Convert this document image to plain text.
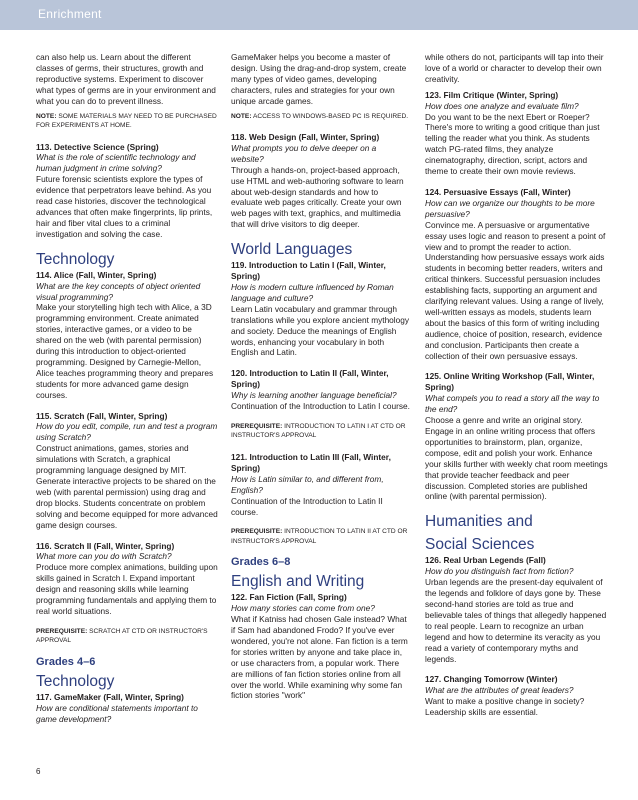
Enrichment

can also help us. Learn about the different classes of germs, their structures, growth and reproductive systems. Experiment to discover what types of germs are in your environment and what you can do to prevent illness.

NOTE: SOME MATERIALS MAY NEED TO BE PURCHASED FOR EXPERIMENTS AT HOME.

113. Detective Science (Spring)
What is the role of scientific technology and human judgment in crime solving?
Future forensic scientists explore the types of evidence that perpetrators leave behind. As you read case histories, discover the technological advances that often make fingerprints, lip prints, hair and fiber vital clues to a criminal investigation and solving the case.
Technology
114. Alice (Fall, Winter, Spring)
What are the key concepts of object oriented visual programming?
Make your storytelling high tech with Alice, a 3D programming environment. Create animated stories, interactive games, or a video to be shared on the web (with parental permission) during this introduction to object-oriented programming. Designed by Carnegie-Mellon, Alice teaches programming theory and prepares students for more advanced game design courses.
115. Scratch (Fall, Winter, Spring)
How do you edit, compile, run and test a program using Scratch?
Construct animations, games, stories and simulations with Scratch, a graphical programming language designed by MIT. Generate interactive projects to be shared on the web (with parental permission) using drag and drop blocks. Students concentrate on problem solving and become equipped for more advanced game design courses.
116. Scratch II (Fall, Winter, Spring)
What more can you do with Scratch?
Produce more complex animations, building upon skills gained in Scratch I. Expand important design and reasoning skills while learning programming fundamentals and applying them to real world situations.

PREREQUISITE: SCRATCH AT CTD OR INSTRUCTOR'S APPROVAL

Grades 4–6
Technology
117. GameMaker (Fall, Winter, Spring)
How are conditional statements important to game development?

GameMaker helps you become a master of design. Using the drag-and-drop system, create many types of video games, developing characters, rules and strategies for your own unique arcade games.

NOTE: ACCESS TO WINDOWS-BASED PC IS REQUIRED.

118. Web Design (Fall, Winter, Spring)
What prompts you to delve deeper on a website?
Through a hands-on, project-based approach, use HTML and web-authoring software to learn about web-design standards and how to evaluate web pages critically. Create your own web pages with text, graphics, and multimedia that will drive visitors to dig deeper.
World Languages
119. Introduction to Latin I (Fall, Winter, Spring)
How is modern culture influenced by Roman language and culture?
Learn Latin vocabulary and grammar through translations while you explore ancient mythology and society. Deduce the meanings of English words, enhancing your vocabulary in both English and Latin.
120. Introduction to Latin II (Fall, Winter, Spring)
Why is learning another language beneficial?
Continuation of the Introduction to Latin I course.

PREREQUISITE: INTRODUCTION TO LATIN I AT CTD OR INSTRUCTOR'S APPROVAL

121. Introduction to Latin III (Fall, Winter, Spring)
How is Latin similar to, and different from, English?
Continuation of the Introduction to Latin II course.

PREREQUISITE: INTRODUCTION TO LATIN II AT CTD OR INSTRUCTOR'S APPROVAL

Grades 6–8
English and Writing
122. Fan Fiction (Fall, Spring)
How many stories can come from one?
What if Katniss had chosen Gale instead? What if Sam had abandoned Frodo? If you've ever wondered, you're not alone. Fan fiction is a term for stories written by anyone and take place in, or use characters from, a popular work. There are millions of fan fiction stories online from all over the world. While examining why some fan fiction stories "work"

while others do not, participants will tap into their love of a world or character to develop their own creativity.

123. Film Critique (Winter, Spring)
How does one analyze and evaluate film?
Do you want to be the next Ebert or Roeper? There's more to writing a good critique than just telling the reader what you think. As students watch PG-rated films, they analyze cinematography, direction, script, actors and theme to create their own movie reviews.
124. Persuasive Essays (Fall, Winter)
How can we organize our thoughts to be more persuasive?
Convince me. A persuasive or argumentative essay uses logic and reason to present a point of view and to prompt the reader to action. Understanding how persuasive essays work aids students in becoming better readers, writers and critical thinkers. Successful persuasion includes establishing facts, supporting an argument and clarifying relevant values. Using a range of lively, well-written essays as models, students learn about the basics of this form of writing including audience, choice of position, research, evidence and conclusion. Participants then create a collection of their own persuasive essays.
125. Online Writing Workshop (Fall, Winter, Spring)
What compels you to read a story all the way to the end?
Choose a genre and write an original story. Engage in an online writing process that offers opportunities to brainstorm, plan, organize, compose, edit and polish your work. Enhance your skills further with weekly chat room meetings that provide teacher feedback and peer discussion. Completed stories are published online (with parental permission).
Humanities and
Social Sciences
126. Real Urban Legends (Fall)
How do you distinguish fact from fiction?
Urban legends are the present-day equivalent of the legends and folklore of days gone by. These second-hand stories are told as true and believable tales of things that allegedly happened to real people. Learn to recognize an urban legend and how to determine its veracity as you read a variety of contemporary myths and legends.
127. Changing Tomorrow (Winter)
What are the attributes of great leaders?
Want to make a positive change in society? Leadership skills are essential.
6
